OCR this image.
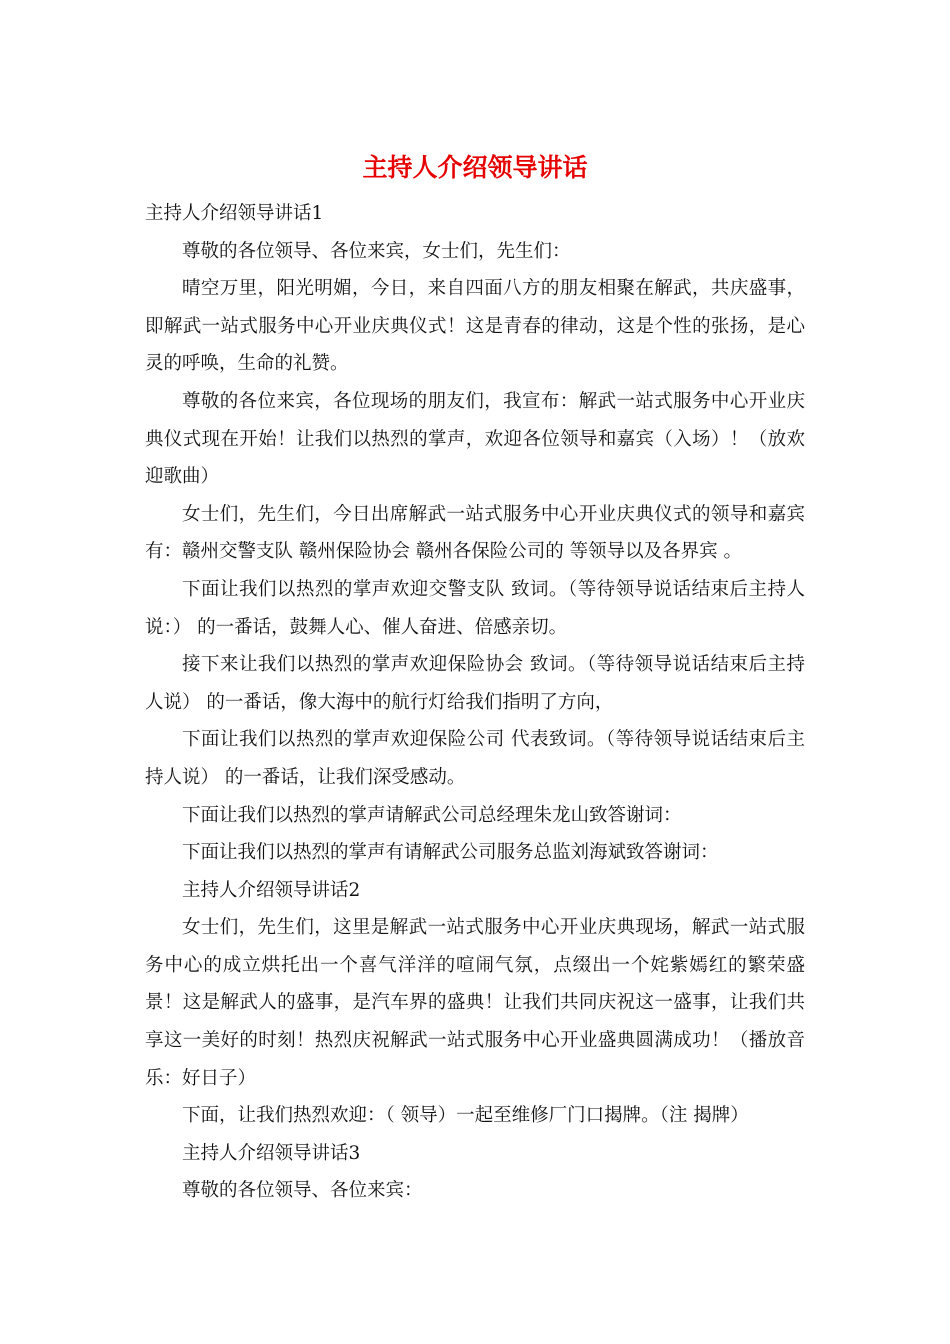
主持人介绍领导讲话

主持人介绍领导讲话1

尊敬的各位领导、各位来宾，女士们，先生们：

晴空万里，阳光明媚，今日，来自四面八方的朋友相聚在解武，共庆盛事，即解武一站式服务中心开业庆典仪式！这是青春的律动，这是个性的张扬，是心灵的呼唤，生命的礼赞。

尊敬的各位来宾，各位现场的朋友们，我宣布：解武一站式服务中心开业庆典仪式现在开始！让我们以热烈的掌声，欢迎各位领导和嘉宾（入场）！（放欢迎歌曲）

女士们，先生们，今日出席解武一站式服务中心开业庆典仪式的领导和嘉宾有：赣州交警支队 赣州保险协会 赣州各保险公司的 等领导以及各界宾 。

下面让我们以热烈的掌声欢迎交警支队 致词。（等待领导说话结束后主持人说：） 的一番话，鼓舞人心、催人奋进、倍感亲切。

接下来让我们以热烈的掌声欢迎保险协会 致词。（等待领导说话结束后主持人说） 的一番话，像大海中的航行灯给我们指明了方向，

下面让我们以热烈的掌声欢迎保险公司 代表致词。（等待领导说话结束后主持人说） 的一番话，让我们深受感动。

下面让我们以热烈的掌声请解武公司总经理朱龙山致答谢词：

下面让我们以热烈的掌声有请解武公司服务总监刘海斌致答谢词：

主持人介绍领导讲话2

女士们，先生们，这里是解武一站式服务中心开业庆典现场，解武一站式服务中心的成立烘托出一个喜气洋洋的喧闹气氛，点缀出一个姹紫嫣红的繁荣盛景！这是解武人的盛事，是汽车界的盛典！让我们共同庆祝这一盛事，让我们共享这一美好的时刻！热烈庆祝解武一站式服务中心开业盛典圆满成功！（播放音乐：好日子）

下面，让我们热烈欢迎：（ 领导）一起至维修厂门口揭牌。（注 揭牌）

主持人介绍领导讲话3

尊敬的各位领导、各位来宾：
